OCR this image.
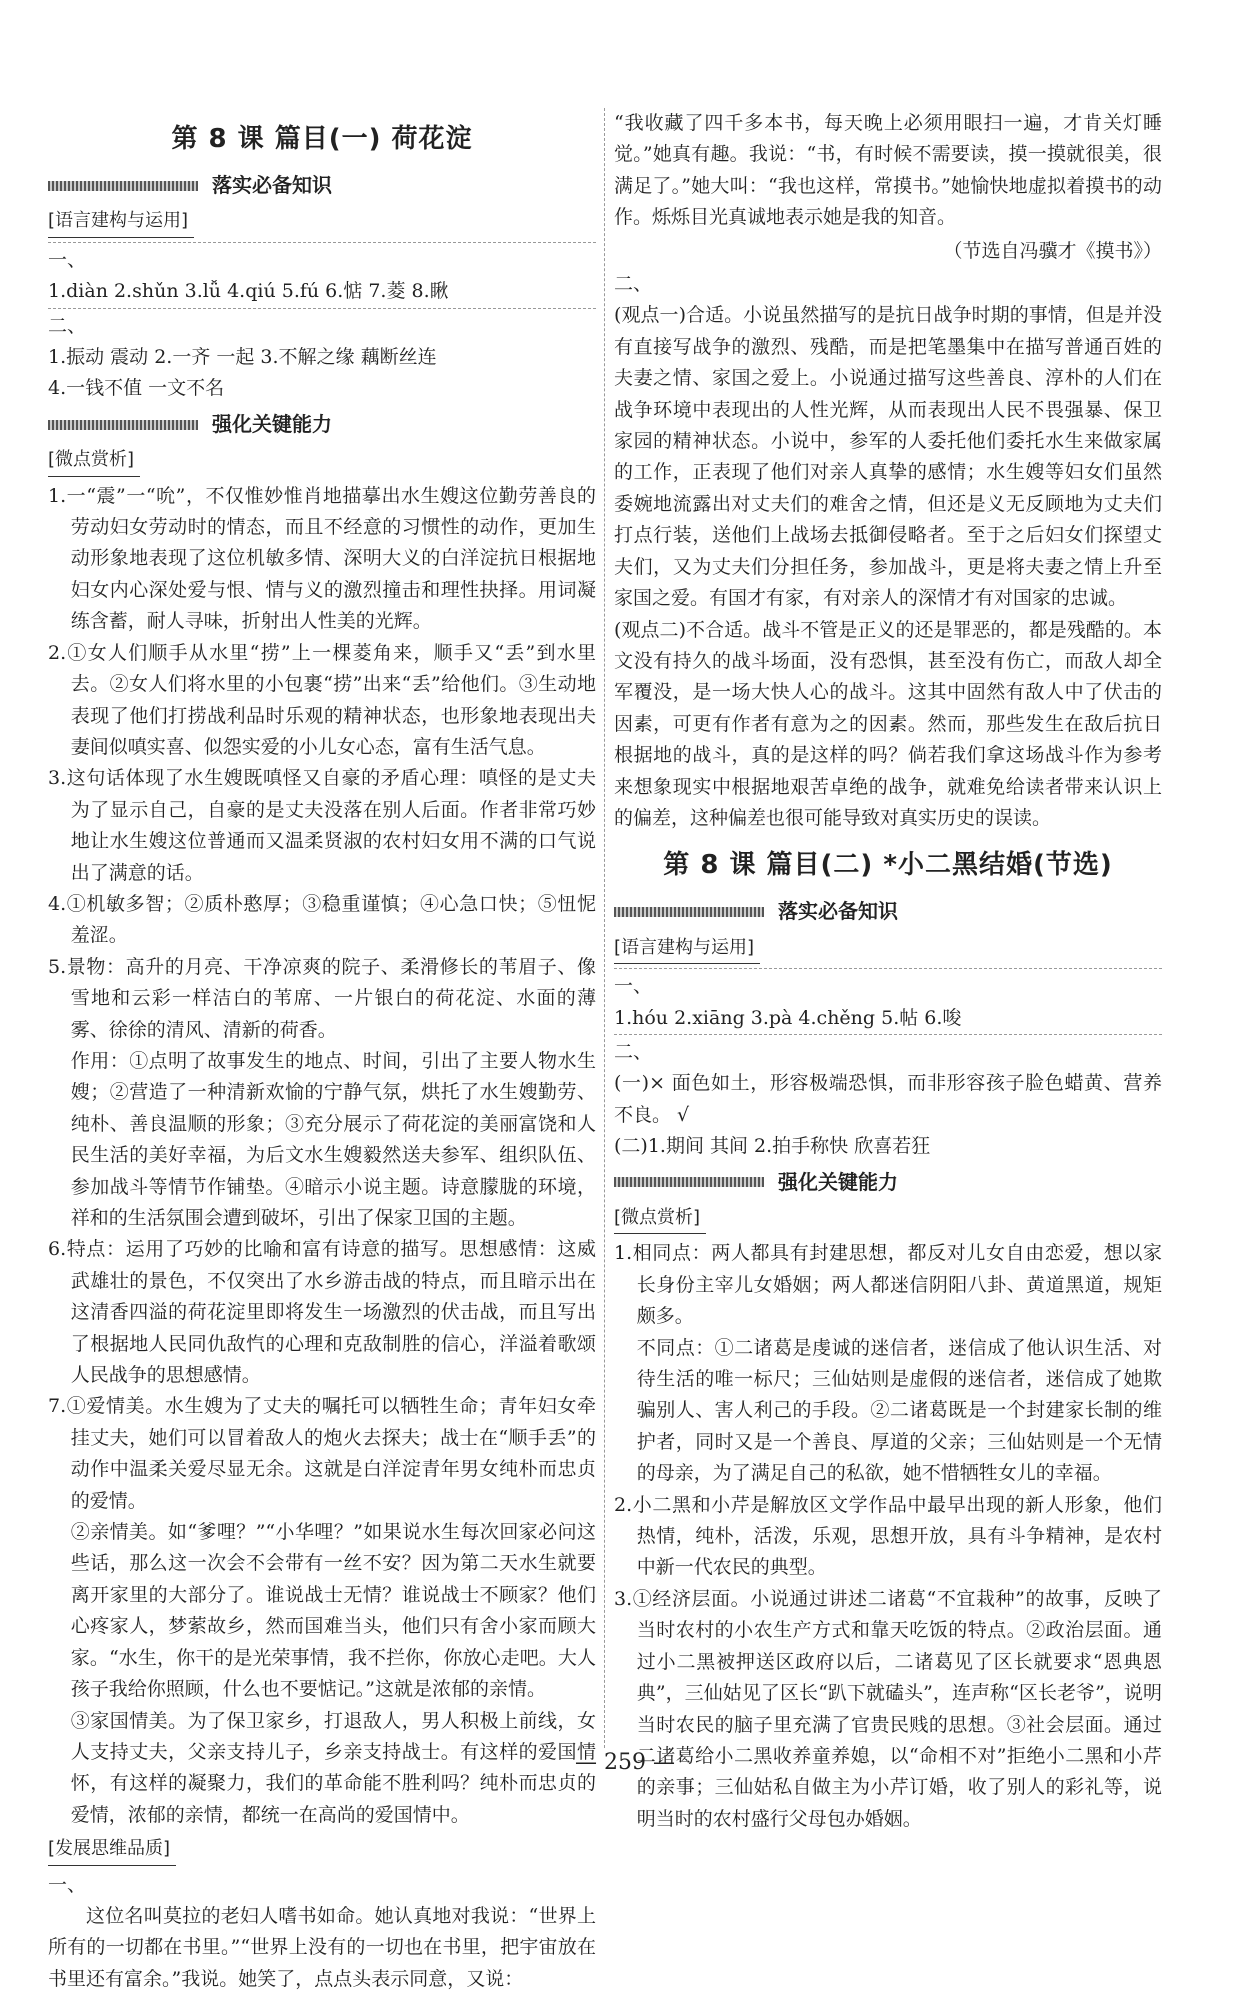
第 8 课 篇目(一) 荷花淀
落实必备知识
[ 语言建构与运用 ]

一、

1.diàn 2.shǔn 3.lǚ 4.qiú 5.fú 6.惦 7.菱 8.瞅

二、

1.振动 震动 2.一齐 一起 3.不解之缘 藕断丝连

4.一钱不值 一文不名

强化关键能力
[ 微点赏析 ]

1.一“震”一“吮”，不仅惟妙惟肖地描摹出水生嫂这位勤劳善良的劳动妇女劳动时的情态，而且不经意的习惯性的动作，更加生动形象地表现了这位机敏多情、深明大义的白洋淀抗日根据地妇女内心深处爱与恨、情与义的激烈撞击和理性抉择。用词凝练含蓄，耐人寻味，折射出人性美的光辉。

2.①女人们顺手从水里“捞”上一棵菱角来，顺手又“丢”到水里去。②女人们将水里的小包裹“捞”出来“丢”给他们。③生动地表现了他们打捞战利品时乐观的精神状态，也形象地表现出夫妻间似嗔实喜、似怨实爱的小儿女心态，富有生活气息。

3.这句话体现了水生嫂既嗔怪又自豪的矛盾心理：嗔怪的是丈夫为了显示自己，自豪的是丈夫没落在别人后面。作者非常巧妙地让水生嫂这位普通而又温柔贤淑的农村妇女用不满的口气说出了满意的话。

4.①机敏多智；②质朴憨厚；③稳重谨慎；④心急口快；⑤忸怩羞涩。

5.景物：高升的月亮、干净凉爽的院子、柔滑修长的苇眉子、像雪地和云彩一样洁白的苇席、一片银白的荷花淀、水面的薄雾、徐徐的清风、清新的荷香。

作用：①点明了故事发生的地点、时间，引出了主要人物水生嫂；②营造了一种清新欢愉的宁静气氛，烘托了水生嫂勤劳、纯朴、善良温顺的形象；③充分展示了荷花淀的美丽富饶和人民生活的美好幸福，为后文水生嫂毅然送夫参军、组织队伍、参加战斗等情节作铺垫。④暗示小说主题。诗意朦胧的环境，祥和的生活氛围会遭到破坏，引出了保家卫国的主题。

6.特点：运用了巧妙的比喻和富有诗意的描写。思想感情：这威武雄壮的景色，不仅突出了水乡游击战的特点，而且暗示出在这清香四溢的荷花淀里即将发生一场激烈的伏击战，而且写出了根据地人民同仇敌忾的心理和克敌制胜的信心，洋溢着歌颂人民战争的思想感情。

7.①爱情美。水生嫂为了丈夫的嘱托可以牺牲生命；青年妇女牵挂丈夫，她们可以冒着敌人的炮火去探夫；战士在“顺手丢”的动作中温柔关爱尽显无余。这就是白洋淀青年男女纯朴而忠贞的爱情。

②亲情美。如“爹哩？”“小华哩？”如果说水生每次回家必问这些话，那么这一次会不会带有一丝不安？因为第二天水生就要离开家里的大部分了。谁说战士无情？谁说战士不顾家？他们心疼家人，梦萦故乡，然而国难当头，他们只有舍小家而顾大家。“水生，你干的是光荣事情，我不拦你，你放心走吧。大人孩子我给你照顾，什么也不要惦记。”这就是浓郁的亲情。

③家国情美。为了保卫家乡，打退敌人，男人积极上前线，女人支持丈夫，父亲支持儿子，乡亲支持战士。有这样的爱国情怀，有这样的凝聚力，我们的革命能不胜利吗？纯朴而忠贞的爱情，浓郁的亲情，都统一在高尚的爱国情中。

[ 发展思维品质 ]

一、

这位名叫莫拉的老妇人嗜书如命。她认真地对我说：“世界上所有的一切都在书里。”“世界上没有的一切也在书里，把宇宙放在书里还有富余。”我说。她笑了，点点头表示同意，又说：

“我收藏了四千多本书，每天晚上必须用眼扫一遍，才肯关灯睡觉。”她真有趣。我说：“书，有时候不需要读，摸一摸就很美，很满足了。”她大叫：“我也这样，常摸书。”她愉快地虚拟着摸书的动作。烁烁目光真诚地表示她是我的知音。

（节选自冯骥才《摸书》）

二、

(观点一)合适。小说虽然描写的是抗日战争时期的事情，但是并没有直接写战争的激烈、残酷，而是把笔墨集中在描写普通百姓的夫妻之情、家国之爱上。小说通过描写这些善良、淳朴的人们在战争环境中表现出的人性光辉，从而表现出人民不畏强暴、保卫家园的精神状态。小说中，参军的人委托他们委托水生来做家属的工作，正表现了他们对亲人真挚的感情；水生嫂等妇女们虽然委婉地流露出对丈夫们的难舍之情，但还是义无反顾地为丈夫们打点行装，送他们上战场去抵御侵略者。至于之后妇女们探望丈夫们，又为丈夫们分担任务，参加战斗，更是将夫妻之情上升至家国之爱。有国才有家，有对亲人的深情才有对国家的忠诚。

(观点二)不合适。战斗不管是正义的还是罪恶的，都是残酷的。本文没有持久的战斗场面，没有恐惧，甚至没有伤亡，而敌人却全军覆没，是一场大快人心的战斗。这其中固然有敌人中了伏击的因素，可更有作者有意为之的因素。然而，那些发生在敌后抗日根据地的战斗，真的是这样的吗？倘若我们拿这场战斗作为参考来想象现实中根据地艰苦卓绝的战争，就难免给读者带来认识上的偏差，这种偏差也很可能导致对真实历史的误读。

第 8 课 篇目(二) *小二黑结婚(节选)
落实必备知识
[ 语言建构与运用 ]

一、

1.hóu 2.xiāng 3.pà 4.chěng 5.帖 6.唆

二、

(一)× 面色如土，形容极端恐惧，而非形容孩子脸色蜡黄、营养不良。 √

(二)1.期间 其间 2.拍手称快 欣喜若狂

强化关键能力
[ 微点赏析 ]

1.相同点：两人都具有封建思想，都反对儿女自由恋爱，想以家长身份主宰儿女婚姻；两人都迷信阴阳八卦、黄道黑道，规矩颇多。

不同点：①二诸葛是虔诚的迷信者，迷信成了他认识生活、对待生活的唯一标尺；三仙姑则是虚假的迷信者，迷信成了她欺骗别人、害人利己的手段。②二诸葛既是一个封建家长制的维护者，同时又是一个善良、厚道的父亲；三仙姑则是一个无情的母亲，为了满足自己的私欲，她不惜牺牲女儿的幸福。

2.小二黑和小芹是解放区文学作品中最早出现的新人形象，他们热情，纯朴，活泼，乐观，思想开放，具有斗争精神，是农村中新一代农民的典型。

3.①经济层面。小说通过讲述二诸葛“不宜栽种”的故事，反映了当时农村的小农生产方式和靠天吃饭的特点。②政治层面。通过小二黑被押送区政府以后，二诸葛见了区长就要求“恩典恩典”，三仙姑见了区长“趴下就磕头”，连声称“区长老爷”，说明当时农民的脑子里充满了官贵民贱的思想。③社会层面。通过二诸葛给小二黑收养童养媳，以“命相不对”拒绝小二黑和小芹的亲事；三仙姑私自做主为小芹订婚，收了别人的彩礼等，说明当时的农村盛行父母包办婚姻。

— 259 —
